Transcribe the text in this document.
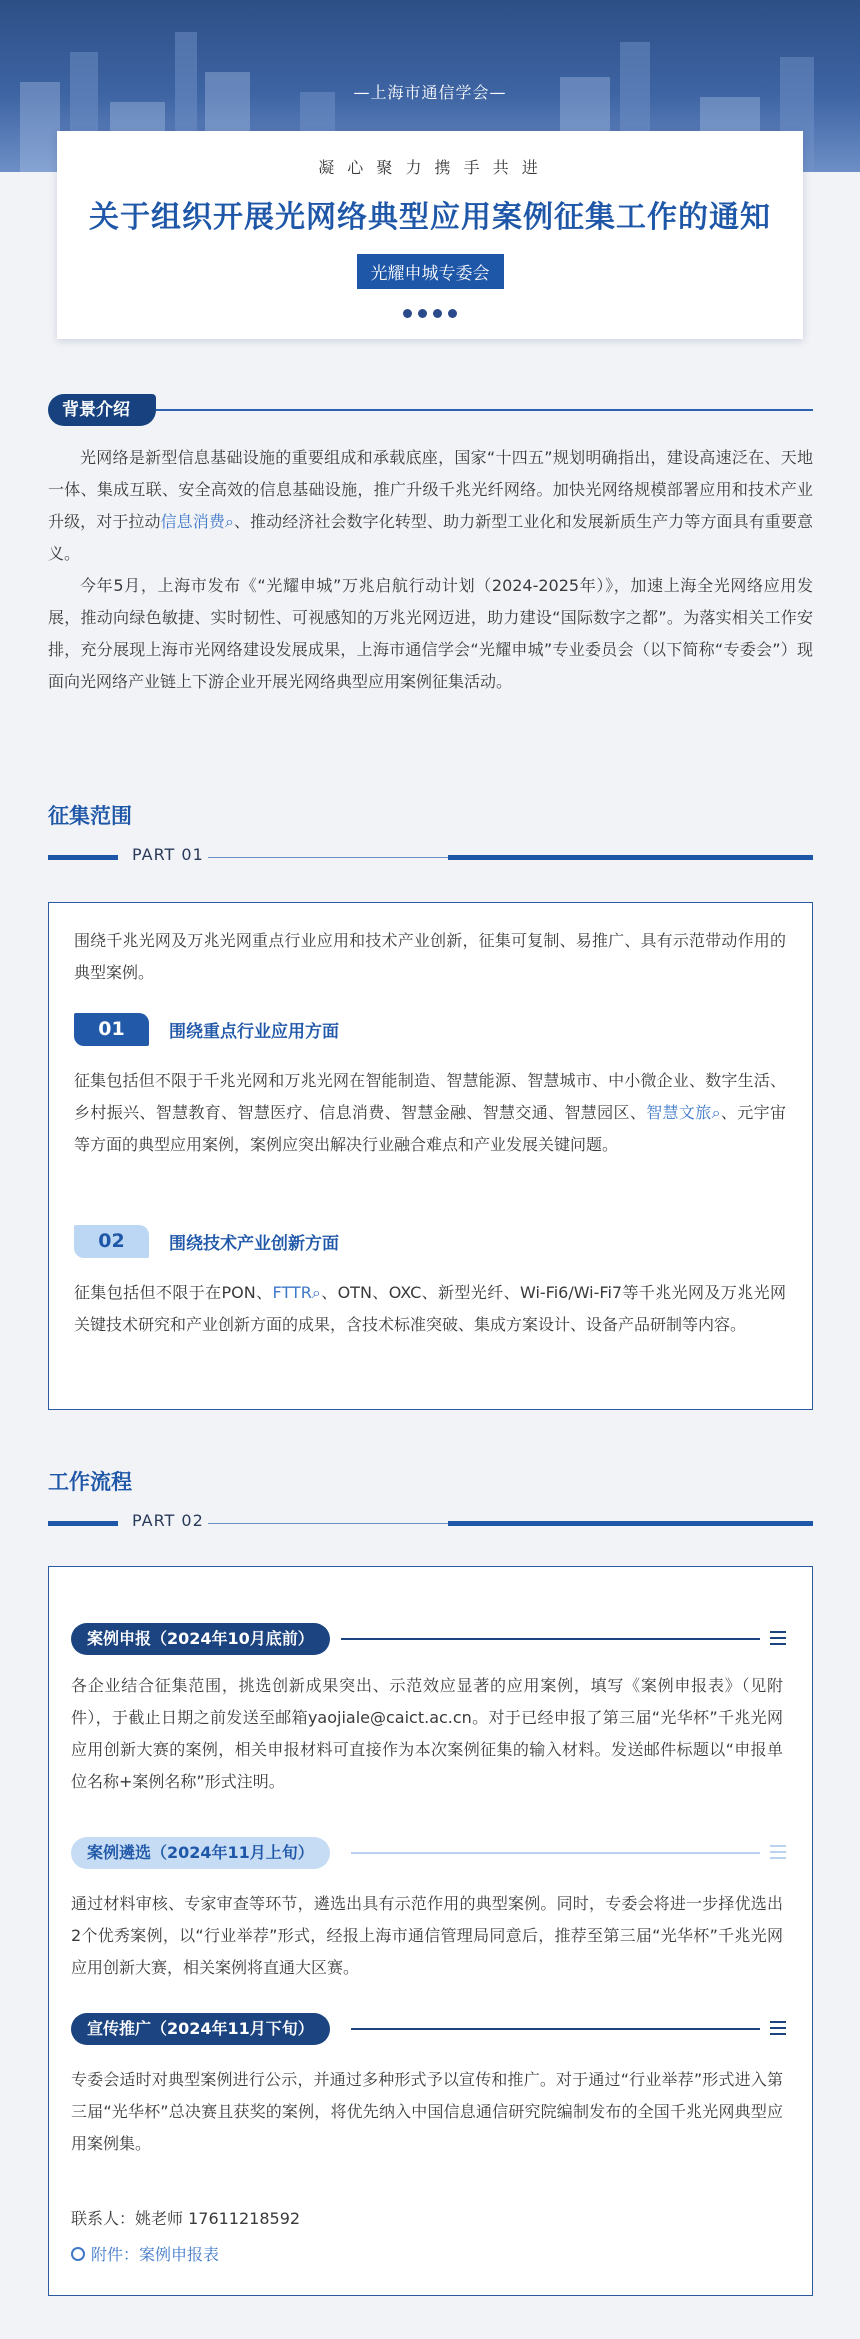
—上海市通信学会—
凝 心 聚 力 携 手 共 进
关于组织开展光网络典型应用案例征集工作的通知
光耀申城专委会
背景介绍
光网络是新型信息基础设施的重要组成和承载底座，国家“十四五”规划明确指出，建设高速泛在、天地一体、集成互联、安全高效的信息基础设施，推广升级千兆光纤网络。加快光网络规模部署应用和技术产业升级，对于拉动信息消费⌕、推动经济社会数字化转型、助力新型工业化和发展新质生产力等方面具有重要意义。
今年5月，上海市发布《“光耀申城”万兆启航行动计划（2024-2025年）》，加速上海全光网络应用发展，推动向绿色敏捷、实时韧性、可视感知的万兆光网迈进，助力建设“国际数字之都”。为落实相关工作安排，充分展现上海市光网络建设发展成果，上海市通信学会“光耀申城”专业委员会（以下简称“专委会”）现面向光网络产业链上下游企业开展光网络典型应用案例征集活动。
征集范围
PART 01
围绕千兆光网及万兆光网重点行业应用和技术产业创新，征集可复制、易推广、具有示范带动作用的典型案例。
01	围绕重点行业应用方面
征集包括但不限于千兆光网和万兆光网在智能制造、智慧能源、智慧城市、中小微企业、数字生活、乡村振兴、智慧教育、智慧医疗、信息消费、智慧金融、智慧交通、智慧园区、智慧文旅⌕、元宇宙等方面的典型应用案例，案例应突出解决行业融合难点和产业发展关键问题。
02	围绕技术产业创新方面
征集包括但不限于在PON、FTTR⌕、OTN、OXC、新型光纤、Wi-Fi6/Wi-Fi7等千兆光网及万兆光网关键技术研究和产业创新方面的成果，含技术标准突破、集成方案设计、设备产品研制等内容。
工作流程
PART 02
案例申报（2024年10月底前）
各企业结合征集范围，挑选创新成果突出、示范效应显著的应用案例，填写《案例申报表》（见附件），于截止日期之前发送至邮箱yaojiale@caict.ac.cn。对于已经申报了第三届“光华杯”千兆光网应用创新大赛的案例，相关申报材料可直接作为本次案例征集的输入材料。发送邮件标题以“申报单位名称+案例名称”形式注明。
案例遴选（2024年11月上旬）
通过材料审核、专家审查等环节，遴选出具有示范作用的典型案例。同时，专委会将进一步择优选出2个优秀案例，以“行业举荐”形式，经报上海市通信管理局同意后，推荐至第三届“光华杯”千兆光网应用创新大赛，相关案例将直通大区赛。
宣传推广（2024年11月下旬）
专委会适时对典型案例进行公示，并通过多种形式予以宣传和推广。对于通过“行业举荐”形式进入第三届“光华杯”总决赛且获奖的案例，将优先纳入中国信息通信研究院编制发布的全国千兆光网典型应用案例集。
联系人：姚老师 17611218592
附件：案例申报表
